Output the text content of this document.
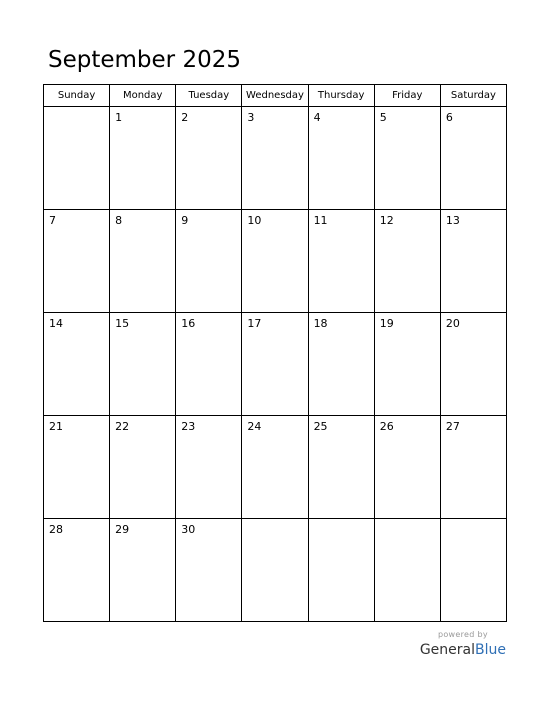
September 2025
Sunday	Monday	Tuesday	Wednesday	Thursday	Friday	Saturday

	1	2	3	4	5	6

7	8	9	10	11	12	13

14	15	16	17	18	19	20

21	22	23	24	25	26	27

28	29	30				

powered by
GeneralBlue
